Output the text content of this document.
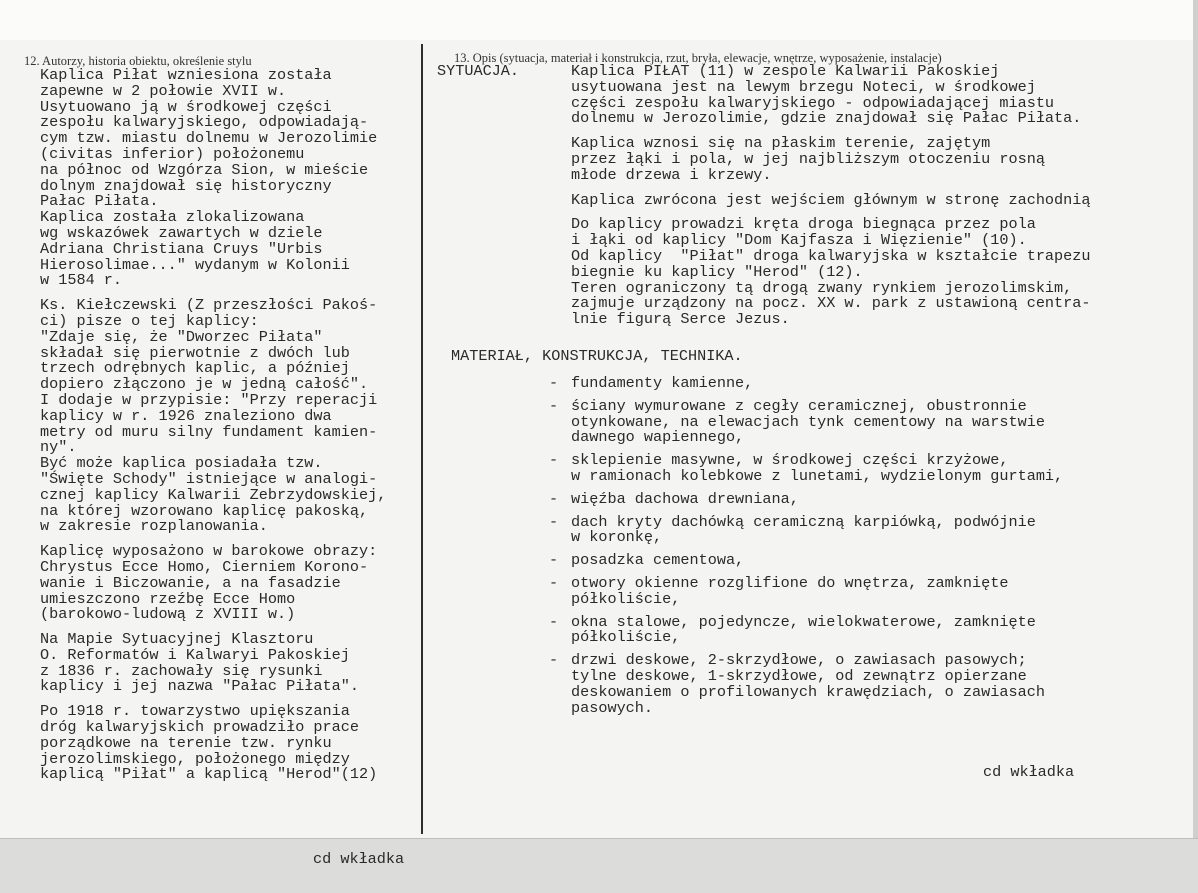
12. Autorzy, historia obiektu, określenie stylu	13. Opis (sytuacja, materiał i konstrukcja, rzut, bryła, elewacje, wnętrze, wyposażenie, instalacje)

Kaplica Piłat wzniesiona została

zapewne w 2 połowie XVII w.

Usytuowano ją w środkowej części

zespołu kalwaryjskiego, odpowiadają-

cym tzw. miastu dolnemu w Jerozolimie

(civitas inferior) położonemu

na północ od Wzgórza Sion, w mieście

dolnym znajdował się historyczny

Pałac Piłata.

Kaplica została zlokalizowana

wg wskazówek zawartych w dziele

Adriana Christiana Cruys "Urbis

Hierosolimae..." wydanym w Kolonii

w 1584 r.

Ks. Kiełczewski (Z przeszłości Pakoś-

ci) pisze o tej kaplicy:

"Zdaje się, że "Dworzec Piłata"

składał się pierwotnie z dwóch lub

trzech odrębnych kaplic, a później

dopiero złączono je w jedną całość".

I dodaje w przypisie: "Przy reperacji

kaplicy w r. 1926 znaleziono dwa

metry od muru silny fundament kamien-

ny".

Być może kaplica posiadała tzw.

"Święte Schody" istniejące w analogi-

cznej kaplicy Kalwarii Zebrzydowskiej,

na której wzorowano kaplicę pakoską,

w zakresie rozplanowania.

Kaplicę wyposażono w barokowe obrazy:

Chrystus Ecce Homo, Cierniem Korono-

wanie i Biczowanie, a na fasadzie

umieszczono rzeźbę Ecce Homo

(barokowo-ludową z XVIII w.)

Na Mapie Sytuacyjnej Klasztoru

O. Reformatów i Kalwaryi Pakoskiej

z 1836 r. zachowały się rysunki

kaplicy i jej nazwa "Pałac Piłata".

Po 1918 r. towarzystwo upiększania

dróg kalwaryjskich prowadziło prace

porządkowe na terenie tzw. rynku

jerozolimskiego, położonego między

kaplicą "Piłat" a kaplicą "Herod"(12)

SYTUACJA.	Kaplica PIŁAT (11) w zespole Kalwarii Pakoskiej

usytuowana jest na lewym brzegu Noteci, w środkowej

części zespołu kalwaryjskiego - odpowiadającej miastu

dolnemu w Jerozolimie, gdzie znajdował się Pałac Piłata.

Kaplica wznosi się na płaskim terenie, zajętym

przez łąki i pola, w jej najbliższym otoczeniu rosną

młode drzewa i krzewy.

Kaplica zwrócona jest wejściem głównym w stronę zachodnią

Do kaplicy prowadzi kręta droga biegnąca przez pola

i łąki od kaplicy "Dom Kajfasza i Więzienie" (10).

Od kaplicy  "Piłat" droga kalwaryjska w kształcie trapezu

biegnie ku kaplicy "Herod" (12).

Teren ograniczony tą drogą zwany rynkiem jerozolimskim,

zajmuje urządzony na pocz. XX w. park z ustawioną centra-

lnie figurą Serce Jezus.

MATERIAŁ, KONSTRUKCJA, TECHNIKA.
- fundamenty kamienne,

- ściany wymurowane z cegły ceramicznej, obustronnie

otynkowane, na elewacjach tynk cementowy na warstwie

dawnego wapiennego,

- sklepienie masywne, w środkowej części krzyżowe,

w ramionach kolebkowe z lunetami, wydzielonym gurtami,

- więźba dachowa drewniana,

- dach kryty dachówką ceramiczną karpiówką, podwójnie

w koronkę,

- posadzka cementowa,

- otwory okienne rozglifione do wnętrza, zamknięte

półkoliście,

- okna stalowe, pojedyncze, wielokwaterowe, zamknięte

półkoliście,

- drzwi deskowe, 2-skrzydłowe, o zawiasach pasowych;

tylne deskowe, 1-skrzydłowe, od zewnątrz opierzane

deskowaniem o profilowanych krawędziach, o zawiasach

pasowych.

cd wkładka
cd wkładka
